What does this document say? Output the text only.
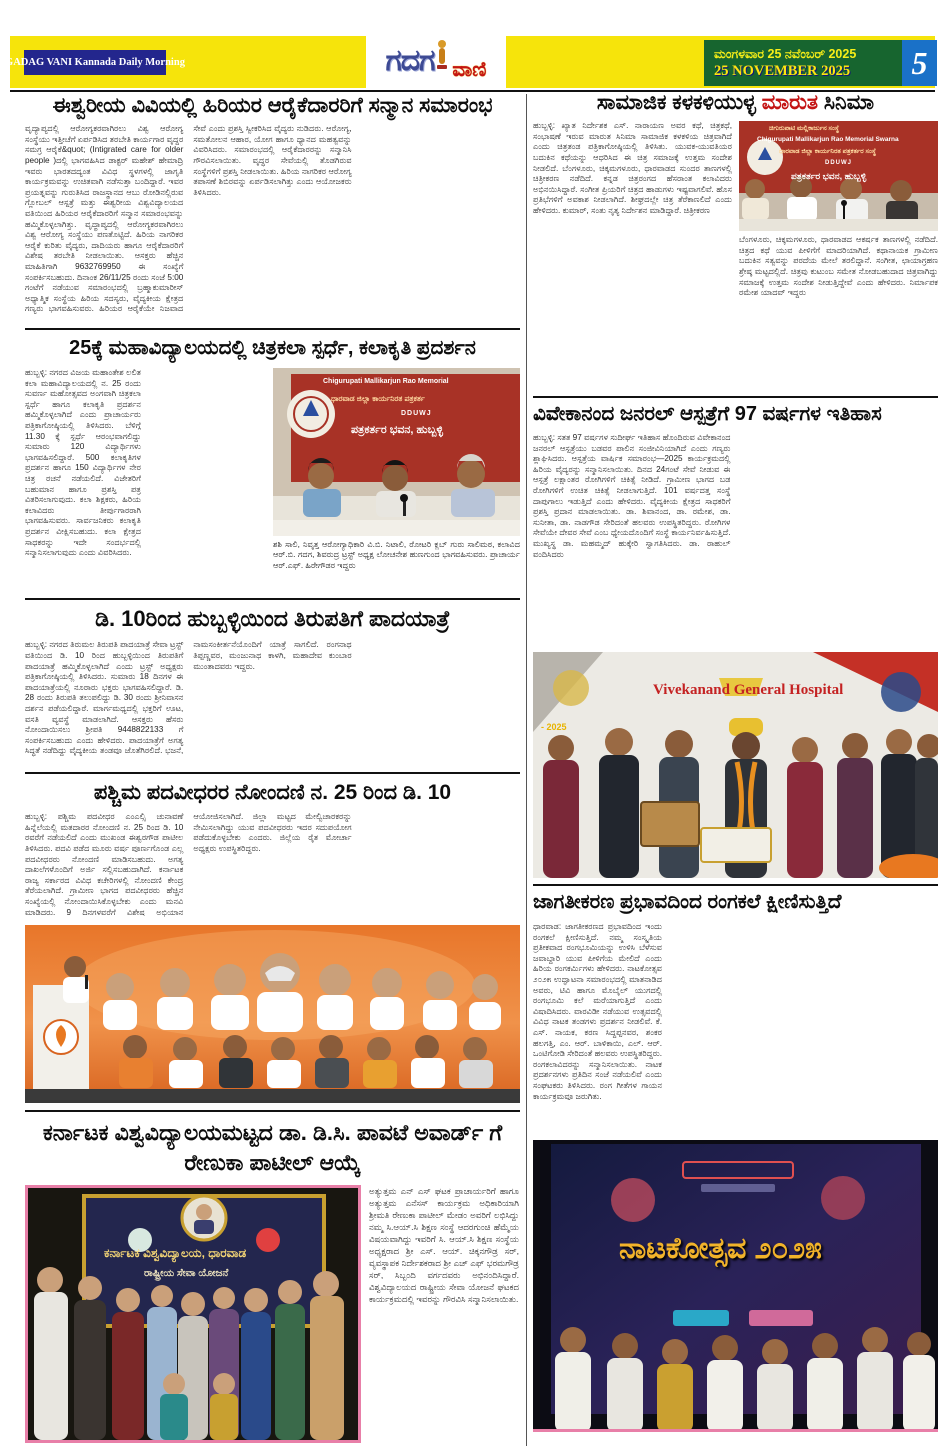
GADAG VANI Kannada Daily Morning	ಗದಗ ವಾಣಿ
ಮಂಗಳವಾರ 25 ನವೆಂಬರ್ 2025
25 NOVEMBER 2025	5
ಈಶ್ವರೀಯ ವಿವಿಯಲ್ಲಿ ಹಿರಿಯರ ಆರೈಕೆದಾರರಿಗೆ ಸನ್ಮಾನ ಸಮಾರಂಭ
ವೃದ್ಯಾಪ್ಯದಲ್ಲಿ ಆರೋಗ್ಯಕರವಾಗಿರಲು ವಿಶ್ವ ಆರೋಗ್ಯ ಸಂಸ್ಥೆಯು ಇತ್ತೀಚೆಗೆ ಏರ್ಪಡಿಸಿದ ತರಬೇತಿ ಕಾರ್ಯಗಾರ ವೃದ್ದರ ಸಮಗ್ರ ಆರೈಕೆ&quot; (Intigrated care for older people )ದಲ್ಲಿ ಭಾಗವಹಿಸಿದ ಡಾಕ್ಟರ್ ಮಹೇಶ್ ಹೇಮಾದ್ರಿ ಇವರು ಭಾರತದದ್ಯಂತ ವಿವಿಧ ಸ್ಥಳಗಳಲ್ಲಿ ಜಾಗೃತಿ ಕಾರ್ಯಕ್ರಮವನ್ನು ಉಚಿತವಾಗಿ ನಡೆಸುತ್ತಾ ಬಂದಿದ್ದಾರೆ. ಇವರ ಪ್ರಯತ್ನವನ್ನು ಗುರುತಿಸಿದ ರಾಜಸ್ಥಾನದ ಆಬು ರೋಡಿನಲ್ಲಿರುವ ಗ್ಲೋಬಲ್ ಆಸ್ಪತ್ರೆ ಮತ್ತು ಈಶ್ವರೀಯ ವಿಶ್ವವಿದ್ಯಾಲಯದ ವತಿಯಿಂದ ಹಿರಿಯರ ಆರೈಕೆದಾರರಿಗೆ ಸನ್ಮಾನ ಸಮಾರಂಭವನ್ನು ಹಮ್ಮಿಕೊಳ್ಳಲಾಗಿತ್ತು. ವೃದ್ಧಾಪ್ಯದಲ್ಲಿ ಆರೋಗ್ಯಕರವಾಗಿರಲು ವಿಶ್ವ ಆರೋಗ್ಯ ಸಂಸ್ಥೆಯು ಪಣತೊಟ್ಟಿದೆ. ಹಿರಿಯ ನಾಗರಿಕರ ಆರೈಕೆ ಕುರಿತು ವೈದ್ಯರು, ದಾದಿಯರು ಹಾಗೂ ಆರೈಕೆದಾರರಿಗೆ ವಿಶೇಷ ತರಬೇತಿ ನೀಡಲಾಯಿತು. ಆಸಕ್ತರು ಹೆಚ್ಚಿನ ಮಾಹಿತಿಗಾಗಿ 9632769950 ಈ ಸಂಖ್ಯೆಗೆ ಸಂಪರ್ಕಿಸಬಹುದು. ದಿನಾಂಕ 26/11/25 ರಂದು ಸಂಜೆ 5:00 ಗಂಟೆಗೆ ನಡೆಯುವ ಸಮಾರಂಭದಲ್ಲಿ ಬ್ರಹ್ಮಾಕುಮಾರೀಸ್ ಅಧ್ಯಾತ್ಮಿಕ ಸಂಸ್ಥೆಯ ಹಿರಿಯ ಸದಸ್ಯರು, ವೈದ್ಯಕೀಯ ಕ್ಷೇತ್ರದ ಗಣ್ಯರು ಭಾಗವಹಿಸುವರು. ಹಿರಿಯರ ಆರೈಕೆಯೇ ನಿಜವಾದ ಸೇವೆ ಎಂದು ಪ್ರಶಸ್ತಿ ಸ್ವೀಕರಿಸಿದ ವೈದ್ಯರು ನುಡಿದರು. ಆರೋಗ್ಯ, ಸಮತೋಲನ ಆಹಾರ, ಯೋಗ ಹಾಗೂ ಧ್ಯಾನದ ಮಹತ್ವವನ್ನು ವಿವರಿಸಿದರು. ಸಮಾರಂಭದಲ್ಲಿ ಆರೈಕೆದಾರರನ್ನು ಸನ್ಮಾನಿಸಿ ಗೌರವಿಸಲಾಯಿತು. ವೃದ್ಧರ ಸೇವೆಯಲ್ಲಿ ತೊಡಗಿರುವ ಸಂಸ್ಥೆಗಳಿಗೆ ಪ್ರಶಸ್ತಿ ನೀಡಲಾಯಿತು. ಹಿರಿಯ ನಾಗರಿಕರ ಆರೋಗ್ಯ ತಪಾಸಣೆ ಶಿಬಿರವನ್ನು ಏರ್ಪಡಿಸಲಾಗಿತ್ತು ಎಂದು ಆಯೋಜಕರು ತಿಳಿಸಿದರು.
25ಕ್ಕೆ ಮಹಾವಿದ್ಯಾಲಯದಲ್ಲಿ ಚಿತ್ರಕಲಾ ಸ್ಪರ್ಧೆ, ಕಲಾಕೃತಿ ಪ್ರದರ್ಶನ
ಹುಬ್ಬಳ್ಳಿ: ನಗರದ ವಿಜಯ ಮಹಾಂತೇಶ ಲಲಿತ ಕಲಾ ಮಹಾವಿದ್ಯಾಲಯದಲ್ಲಿ ನ. 25 ರಂದು ಸುವರ್ಣ ಮಹೋತ್ಸವದ ಅಂಗವಾಗಿ ಚಿತ್ರಕಲಾ ಸ್ಪರ್ಧೆ ಹಾಗೂ ಕಲಾಕೃತಿ ಪ್ರದರ್ಶನ ಹಮ್ಮಿಕೊಳ್ಳಲಾಗಿದೆ ಎಂದು ಪ್ರಾಚಾರ್ಯರು ಪತ್ರಿಕಾಗೋಷ್ಠಿಯಲ್ಲಿ ತಿಳಿಸಿದರು. ಬೆಳಿಗ್ಗೆ 11.30 ಕ್ಕೆ ಸ್ಪರ್ಧೆ ಆರಂಭವಾಗಲಿದ್ದು ಸುಮಾರು 120 ವಿದ್ಯಾರ್ಥಿಗಳು ಭಾಗವಹಿಸಲಿದ್ದಾರೆ. 500 ಕಲಾಕೃತಿಗಳ ಪ್ರದರ್ಶನ ಹಾಗೂ 150 ವಿದ್ಯಾರ್ಥಿಗಳ ನೇರ ಚಿತ್ರ ರಚನೆ ನಡೆಯಲಿದೆ. ವಿಜೇತರಿಗೆ ಬಹುಮಾನ ಹಾಗೂ ಪ್ರಶಸ್ತಿ ಪತ್ರ ವಿತರಿಸಲಾಗುವುದು. ಕಲಾ ಶಿಕ್ಷಕರು, ಹಿರಿಯ ಕಲಾವಿದರು ತೀರ್ಪುಗಾರರಾಗಿ ಭಾಗವಹಿಸುವರು. ಸಾರ್ವಜನಿಕರು ಕಲಾಕೃತಿ ಪ್ರದರ್ಶನ ವೀಕ್ಷಿಸಬಹುದು. ಕಲಾ ಕ್ಷೇತ್ರದ ಸಾಧಕರನ್ನು ಇದೇ ಸಂದರ್ಭದಲ್ಲಿ ಸನ್ಮಾನಿಸಲಾಗುವುದು ಎಂದು ವಿವರಿಸಿದರು.
Chigurupati Mallikarjun Rao Memorial
ಧಾರವಾಡ ಜಿಲ್ಲಾ ಕಾರ್ಯನಿರತ ಪತ್ರಕರ್ತ
DDUWJ
ಪತ್ರಕರ್ತರ ಭವನ, ಹುಬ್ಬಳ್ಳಿ
ಶಶಿ ಸಾಲಿ, ನಿವೃತ್ತ ಆರೋಗ್ಯಾಧಿಕಾರಿ ವಿ.ಬಿ. ನಿಟಾಲಿ, ರೋಟರಿ ಕ್ಲಬ್ ಗುರು ಸಾಲಿಮಠ, ಕಲಾವಿದ ಆರ್.ಬಿ. ಗದಗ, ಶಿವರುದ್ರ ಟ್ರಸ್ಟ್ ಅಧ್ಯಕ್ಷ ಲೋಚನೇಶ ಹುಣಗುಂದ ಭಾಗವಹಿಸುವರು. ಪ್ರಾಚಾರ್ಯ ಆರ್.ಎಫ್. ಹಿರೇಗೌಡರ ಇದ್ದರು
ಡಿ. 10ರಿಂದ ಹುಬ್ಬಳ್ಳಿಯಿಂದ ತಿರುಪತಿಗೆ ಪಾದಯಾತ್ರೆ
ಹುಬ್ಬಳ್ಳಿ: ನಗರದ ತಿರುಮಲ ತಿರುಪತಿ ಪಾದಯಾತ್ರೆ ಸೇವಾ ಟ್ರಸ್ಟ್ ವತಿಯಿಂದ ಡಿ. 10 ರಿಂದ ಹುಬ್ಬಳ್ಳಿಯಿಂದ ತಿರುಪತಿಗೆ ಪಾದಯಾತ್ರೆ ಹಮ್ಮಿಕೊಳ್ಳಲಾಗಿದೆ ಎಂದು ಟ್ರಸ್ಟ್ ಅಧ್ಯಕ್ಷರು ಪತ್ರಿಕಾಗೋಷ್ಠಿಯಲ್ಲಿ ತಿಳಿಸಿದರು. ಸುಮಾರು 18 ದಿನಗಳ ಈ ಪಾದಯಾತ್ರೆಯಲ್ಲಿ ನೂರಾರು ಭಕ್ತರು ಭಾಗವಹಿಸಲಿದ್ದಾರೆ. ಡಿ. 28 ರಂದು ತಿರುಪತಿ ತಲುಪಲಿದ್ದು ಡಿ. 30 ರಂದು ಶ್ರೀನಿವಾಸನ ದರ್ಶನ ಪಡೆಯಲಿದ್ದಾರೆ. ಮಾರ್ಗಮಧ್ಯದಲ್ಲಿ ಭಕ್ತರಿಗೆ ಊಟ, ವಸತಿ ವ್ಯವಸ್ಥೆ ಮಾಡಲಾಗಿದೆ. ಆಸಕ್ತರು ಹೆಸರು ನೋಂದಾಯಿಸಲು ಶ್ರೀಪತಿ 9448822133 ಗೆ ಸಂಪರ್ಕಿಸಬಹುದು ಎಂದು ಹೇಳಿದರು. ಪಾದಯಾತ್ರೆಗೆ ಅಗತ್ಯ ಸಿದ್ಧತೆ ನಡೆದಿದ್ದು ವೈದ್ಯಕೀಯ ತಂಡವೂ ಜೊತೆಗಿರಲಿದೆ. ಭಜನೆ, ನಾಮಸಂಕೀರ್ತನೆಯೊಂದಿಗೆ ಯಾತ್ರೆ ಸಾಗಲಿದೆ. ರಂಗನಾಥ ತಿಪ್ಪಣ್ಣವರ, ಮಂಜುನಾಥ ಕಾಳಗಿ, ಮಹಾದೇವ ಕುಂಬಾರ ಮುಂತಾದವರು ಇದ್ದರು.
ಪಶ್ಚಿಮ ಪದವೀಧರರ ನೋಂದಣಿ ನ. 25 ರಿಂದ ಡಿ. 10
ಹುಬ್ಬಳ್ಳಿ: ಪಶ್ಚಿಮ ಪದವೀಧರ ಎಂಎಲ್ಸಿ ಚುನಾವಣೆ ಹಿನ್ನೆಲೆಯಲ್ಲಿ ಮತದಾರರ ನೋಂದಣಿ ನ. 25 ರಿಂದ ಡಿ. 10 ರವರೆಗೆ ನಡೆಯಲಿದೆ ಎಂದು ಮುಖಂಡ ಈಶ್ವರಗೌಡ ಪಾಟೀಲ ತಿಳಿಸಿದರು. ಪದವಿ ಪಡೆದ ಮೂರು ವರ್ಷ ಪೂರ್ಣಗೊಂಡ ಎಲ್ಲ ಪದವೀಧರರು ನೋಂದಣಿ ಮಾಡಿಸಬಹುದು. ಅಗತ್ಯ ದಾಖಲೆಗಳೊಂದಿಗೆ ಅರ್ಜಿ ಸಲ್ಲಿಸಬಹುದಾಗಿದೆ. ಕರ್ನಾಟಕ ರಾಜ್ಯ ಸರ್ಕಾರದ ವಿವಿಧ ಕಚೇರಿಗಳಲ್ಲಿ ನೋಂದಣಿ ಕೇಂದ್ರ ತೆರೆಯಲಾಗಿದೆ. ಗ್ರಾಮೀಣ ಭಾಗದ ಪದವೀಧರರು ಹೆಚ್ಚಿನ ಸಂಖ್ಯೆಯಲ್ಲಿ ನೋಂದಾಯಿಸಿಕೊಳ್ಳಬೇಕು ಎಂದು ಮನವಿ ಮಾಡಿದರು. 9 ದಿನಗಳವರೆಗೆ ವಿಶೇಷ ಅಭಿಯಾನ ಆಯೋಜಿಸಲಾಗಿದೆ. ಜಿಲ್ಲಾ ಮಟ್ಟದ ಮೇಲ್ವಿಚಾರಕರನ್ನು ನೇಮಿಸಲಾಗಿದ್ದು ಯುವ ಪದವೀಧರರು ಇದರ ಸದುಪಯೋಗ ಪಡೆದುಕೊಳ್ಳಬೇಕು ಎಂದರು. ಜಿಲ್ಲೆಯ ರೈತ ಮೋರ್ಚಾ ಅಧ್ಯಕ್ಷರು ಉಪಸ್ಥಿತರಿದ್ದರು.
ಕರ್ನಾಟಕ ವಿಶ್ವವಿದ್ಯಾಲಯಮಟ್ಟದ ಡಾ. ಡಿ.ಸಿ. ಪಾವಟೆ ಅವಾರ್ಡ್ ಗೆ ರೇಣುಕಾ ಪಾಟೀಲ್ ಆಯ್ಕೆ
ಕರ್ನಾಟಕ ವಿಶ್ವವಿದ್ಯಾಲಯ, ಧಾರವಾಡ
ರಾಷ್ಟ್ರೀಯ ಸೇವಾ ಯೋಜನೆ
ಅತ್ಯುತ್ತಮ ಎನ್ ಎಸ್ ಘಟಕ ಪ್ರಾಚಾರ್ಯರಿಗೆ ಹಾಗೂ ಅತ್ಯುತ್ತಮ ಎನೆಸಸ್ ಕಾರ್ಯಕ್ರಮ ಅಧಿಕಾರಿಯಾಗಿ ಶ್ರೀಮತಿ ರೇಣುಕಾ ಪಾಟೀಲ್ ಮೇಡಂ ಅವರಿಗೆ ಲಭಿಸಿದ್ದು ನಮ್ಮ ಸಿ.ಆಯ್.ಸಿ ಶಿಕ್ಷಣ ಸಂಸ್ಥೆ ಆದರಗುಂಚಿ ಹೆಮ್ಮೆಯ ವಿಷಯವಾಗಿದ್ದು ಇವರಿಗೆ ಸಿ. ಆಯ್.ಸಿ ಶಿಕ್ಷಣ ಸಂಸ್ಥೆಯ ಅಧ್ಯಕ್ಷರಾದ ಶ್ರೀ ಎಸ್. ಆಯ್. ಚಿಕ್ಕನಗೌಡ್ರ ಸರ್, ವ್ಯವಸ್ಥಾಪಕ ನಿರ್ದೇಶಕರಾದ ಶ್ರೀ ಎಚ್ ಎಫ್ ಭರಮಗೌಡ್ರ ಸರ್, ಸಿಬ್ಬಂದಿ ವರ್ಗದವರು ಅಭಿನಂದಿಸಿದ್ದಾರೆ. ವಿಶ್ವವಿದ್ಯಾಲಯದ ರಾಷ್ಟ್ರೀಯ ಸೇವಾ ಯೋಜನೆ ಘಟಕದ ಕಾರ್ಯಕ್ರಮದಲ್ಲಿ ಇವರನ್ನು ಗೌರವಿಸಿ ಸನ್ಮಾನಿಸಲಾಯಿತು.
ಸಾಮಾಜಿಕ ಕಳಕಳಿಯುಳ್ಳ ಮಾರುತ ಸಿನಿಮಾ
ಹುಬ್ಬಳ್ಳಿ: ಖ್ಯಾತ ನಿರ್ದೇಶಕ ಎಸ್. ನಾರಾಯಣ ಅವರ ಕಥೆ, ಚಿತ್ರಕಥೆ, ಸಂಭಾಷಣೆ ಇರುವ ಮಾರುತ ಸಿನಿಮಾ ಸಾಮಾಜಿಕ ಕಳಕಳಿಯ ಚಿತ್ರವಾಗಿದೆ ಎಂದು ಚಿತ್ರತಂಡ ಪತ್ರಿಕಾಗೋಷ್ಠಿಯಲ್ಲಿ ತಿಳಿಸಿತು. ಯುವಕ-ಯುವತಿಯರ ಬದುಕಿನ ಕಥೆಯನ್ನು ಆಧರಿಸಿದ ಈ ಚಿತ್ರ ಸಮಾಜಕ್ಕೆ ಉತ್ತಮ ಸಂದೇಶ ನೀಡಲಿದೆ. ಬೆಂಗಳೂರು, ಚಿಕ್ಕಮಗಳೂರು, ಧಾರವಾಡದ ಸುಂದರ ತಾಣಗಳಲ್ಲಿ ಚಿತ್ರೀಕರಣ ನಡೆದಿದೆ. ಕನ್ನಡ ಚಿತ್ರರಂಗದ ಹೆಸರಾಂತ ಕಲಾವಿದರು ಅಭಿನಯಿಸಿದ್ದಾರೆ. ಸಂಗೀತ ಪ್ರಿಯರಿಗೆ ಚಿತ್ರದ ಹಾಡುಗಳು ಇಷ್ಟವಾಗಲಿವೆ. ಹೊಸ ಪ್ರತಿಭೆಗಳಿಗೆ ಅವಕಾಶ ನೀಡಲಾಗಿದೆ. ಶೀಘ್ರದಲ್ಲೇ ಚಿತ್ರ ತೆರೆಕಾಣಲಿದೆ ಎಂದು ಹೇಳಿದರು. ಕುಮಾರ್, ಸಂತು ನೃತ್ಯ ನಿರ್ದೇಶನ ಮಾಡಿದ್ದಾರೆ. ಚಿತ್ರೀಕರಣ
ಚಿಗುರುಪಾಟಿ ಮಲ್ಲಿಕಾರ್ಜುನ ಸಂಸ್ಥೆ
Chigurupati Mallikarjun Rao Memorial Swarna
ಧಾರವಾಡ ಜಿಲ್ಲಾ ಕಾರ್ಯನಿರತ ಪತ್ರಕರ್ತರ ಸಂಸ್ಥೆ
DDUWJ
ಪತ್ರಕರ್ತರ ಭವನ, ಹುಬ್ಬಳ್ಳಿ
ಬೆಂಗಳೂರು, ಚಿಕ್ಕಮಗಳೂರು, ಧಾರವಾಡದ ಆಕರ್ಷಕ ತಾಣಗಳಲ್ಲಿ ನಡೆದಿದೆ. ಚಿತ್ರದ ಕಥೆ ಯುವ ಪೀಳಿಗೆಗೆ ಮಾದರಿಯಾಗಿದೆ. ಕಥಾನಾಯಕ ಗ್ರಾಮೀಣ ಬದುಕಿನ ಸತ್ವವನ್ನು ಪರದೆಯ ಮೇಲೆ ತರಲಿದ್ದಾನೆ. ಸಂಗೀತ, ಛಾಯಾಗ್ರಹಣ ಶ್ರೇಷ್ಠ ಮಟ್ಟದಲ್ಲಿದೆ. ಚಿತ್ರವು ಕುಟುಂಬ ಸಮೇತ ನೋಡಬಹುದಾದ ಚಿತ್ರವಾಗಿದ್ದು ಸಮಾಜಕ್ಕೆ ಉತ್ತಮ ಸಂದೇಶ ನೀಡುತ್ತಿದ್ದೇವೆ ಎಂದು ಹೇಳಿದರು. ನಿರ್ಮಾಪಕ ರಮೇಶ ಯಾದವ್ ಇದ್ದರು
ವಿವೇಕಾನಂದ ಜನರಲ್ ಆಸ್ಪತ್ರೆಗೆ 97 ವರ್ಷಗಳ ಇತಿಹಾಸ
ಹುಬ್ಬಳ್ಳಿ: ಸತತ 97 ವರ್ಷಗಳ ಸುದೀರ್ಘ ಇತಿಹಾಸ ಹೊಂದಿರುವ ವಿವೇಕಾನಂದ ಜನರಲ್ ಆಸ್ಪತ್ರೆಯು ಬಡವರ ಪಾಲಿನ ಸಂಜೀವಿನಿಯಾಗಿದೆ ಎಂದು ಗಣ್ಯರು ಶ್ಲಾಘಿಸಿದರು. ಆಸ್ಪತ್ರೆಯ ವಾರ್ಷಿಕ ಸಮಾರಂಭ—2025 ಕಾರ್ಯಕ್ರಮದಲ್ಲಿ ಹಿರಿಯ ವೈದ್ಯರನ್ನು ಸನ್ಮಾನಿಸಲಾಯಿತು. ದಿನದ 24ಗಂಟೆ ಸೇವೆ ನೀಡುವ ಈ ಆಸ್ಪತ್ರೆ ಲಕ್ಷಾಂತರ ರೋಗಿಗಳಿಗೆ ಚಿಕಿತ್ಸೆ ನೀಡಿದೆ. ಗ್ರಾಮೀಣ ಭಾಗದ ಬಡ ರೋಗಿಗಳಿಗೆ ಉಚಿತ ಚಿಕಿತ್ಸೆ ನೀಡಲಾಗುತ್ತಿದೆ. 101 ವರ್ಷದತ್ತ ಸಂಸ್ಥೆ ದಾಪುಗಾಲು ಇಡುತ್ತಿದೆ ಎಂದು ಹೇಳಿದರು. ವೈದ್ಯಕೀಯ ಕ್ಷೇತ್ರದ ಸಾಧಕರಿಗೆ ಪ್ರಶಸ್ತಿ ಪ್ರದಾನ ಮಾಡಲಾಯಿತು. ಡಾ. ಶಿವಾನಂದ, ಡಾ. ರಮೇಶ, ಡಾ. ಸುನೀತಾ, ಡಾ. ನಾಡಗೌಡ ಸೇರಿದಂತೆ ಹಲವರು ಉಪಸ್ಥಿತರಿದ್ದರು. ರೋಗಿಗಳ ಸೇವೆಯೇ ದೇವರ ಸೇವೆ ಎಂಬ ಧ್ಯೇಯದೊಂದಿಗೆ ಸಂಸ್ಥೆ ಕಾರ್ಯನಿರ್ವಹಿಸುತ್ತಿದೆ. ಮುಖ್ಯಸ್ಥ ಡಾ. ಮಹಮ್ಮದ್ ಹುಕ್ಕೇರಿ ಸ್ವಾಗತಿಸಿದರು. ಡಾ. ರಾಹುಲ್ ವಂದಿಸಿದರು
Vivekanand General Hospital
- 2025
ಜಾಗತೀಕರಣ ಪ್ರಭಾವದಿಂದ ರಂಗಕಲೆ ಕ್ಷೀಣಿಸುತ್ತಿದೆ
ಧಾರವಾಡ: ಜಾಗತೀಕರಣದ ಪ್ರಭಾವದಿಂದ ಇಂದು ರಂಗಕಲೆ ಕ್ಷೀಣಿಸುತ್ತಿದೆ. ನಮ್ಮ ಸಂಸ್ಕೃತಿಯ ಪ್ರತೀಕವಾದ ರಂಗಭೂಮಿಯನ್ನು ಉಳಿಸಿ ಬೆಳೆಸುವ ಜವಾಬ್ದಾರಿ ಯುವ ಪೀಳಿಗೆಯ ಮೇಲಿದೆ ಎಂದು ಹಿರಿಯ ರಂಗಕರ್ಮಿಗಳು ಹೇಳಿದರು. ನಾಟಕೋತ್ಸವ ೨೦೨೫ ಉದ್ಘಾಟನಾ ಸಮಾರಂಭದಲ್ಲಿ ಮಾತನಾಡಿದ ಅವರು, ಟಿವಿ ಹಾಗೂ ಮೊಬೈಲ್ ಯುಗದಲ್ಲಿ ರಂಗಭೂಮಿ ಕಲೆ ಮರೆಯಾಗುತ್ತಿದೆ ಎಂದು ವಿಷಾದಿಸಿದರು. ವಾರವಿಡೀ ನಡೆಯುವ ಉತ್ಸವದಲ್ಲಿ ವಿವಿಧ ನಾಟಕ ತಂಡಗಳು ಪ್ರದರ್ಶನ ನೀಡಲಿವೆ. ಕೆ. ಎಸ್. ನಾಯಕ, ಕರಣ ಸಿದ್ದಪ್ಪನವರ, ಶಂಕರ ಹಲಗತ್ತಿ, ಎಂ. ಆರ್. ಬಾಳಿಕಾಯಿ, ಎಲ್. ಆರ್. ಒಂಟಿಗೋಡಿ ಸೇರಿದಂತೆ ಹಲವರು ಉಪಸ್ಥಿತರಿದ್ದರು. ರಂಗಕಲಾವಿದರನ್ನು ಸನ್ಮಾನಿಸಲಾಯಿತು. ನಾಟಕ ಪ್ರದರ್ಶನಗಳು ಪ್ರತಿದಿನ ಸಂಜೆ ನಡೆಯಲಿವೆ ಎಂದು ಸಂಘಟಕರು ತಿಳಿಸಿದರು. ರಂಗ ಗೀತೆಗಳ ಗಾಯನ ಕಾರ್ಯಕ್ರಮವೂ ಜರುಗಿತು.
ನಾಟಕೋತ್ಸವ ೨೦೨೫
